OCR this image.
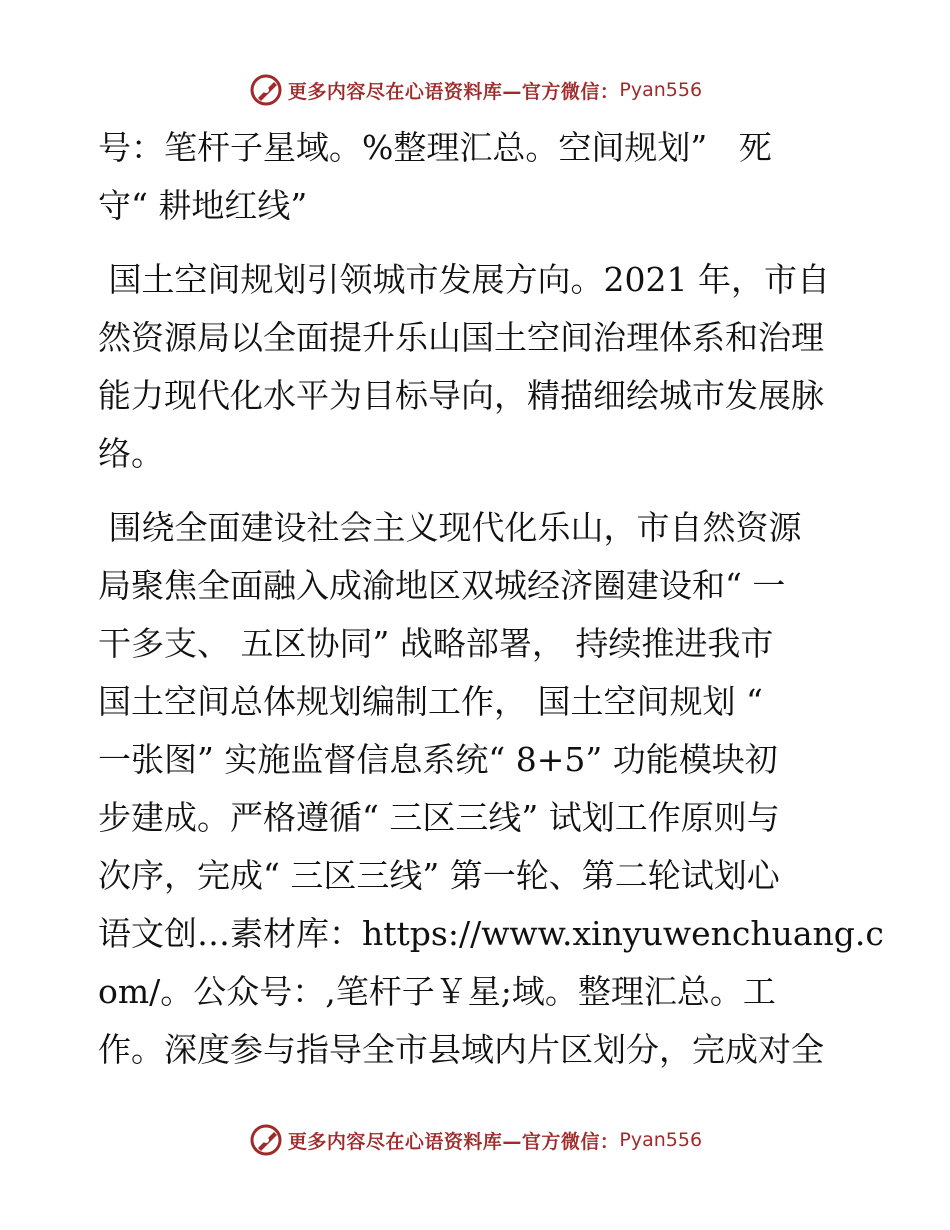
更多内容尽在心语资料库—官方微信： Pyan556
号：笔杆子星域。%整理汇总。空间规划”   死
守“ 耕地红线”
国土空间规划引领城市发展方向。2021 年，市自
然资源局以全面提升乐山国土空间治理体系和治理
能力现代化水平为目标导向，精描细绘城市发展脉
络。
围绕全面建设社会主义现代化乐山，市自然资源
局聚焦全面融入成渝地区双城经济圈建设和“ 一
干多支、 五区协同” 战略部署， 持续推进我市
国土空间总体规划编制工作， 国土空间规划 “
一张图” 实施监督信息系统“ 8+5” 功能模块初
步建成。严格遵循“ 三区三线” 试划工作原则与
次序，完成“ 三区三线” 第一轮、第二轮试划心
语文创…素材库：https://www.xinyuwenchuang.c
om/。公众号：,笔杆子￥星;域。整理汇总。工
作。深度参与指导全市县域内片区划分，完成对全
更多内容尽在心语资料库—官方微信： Pyan556
